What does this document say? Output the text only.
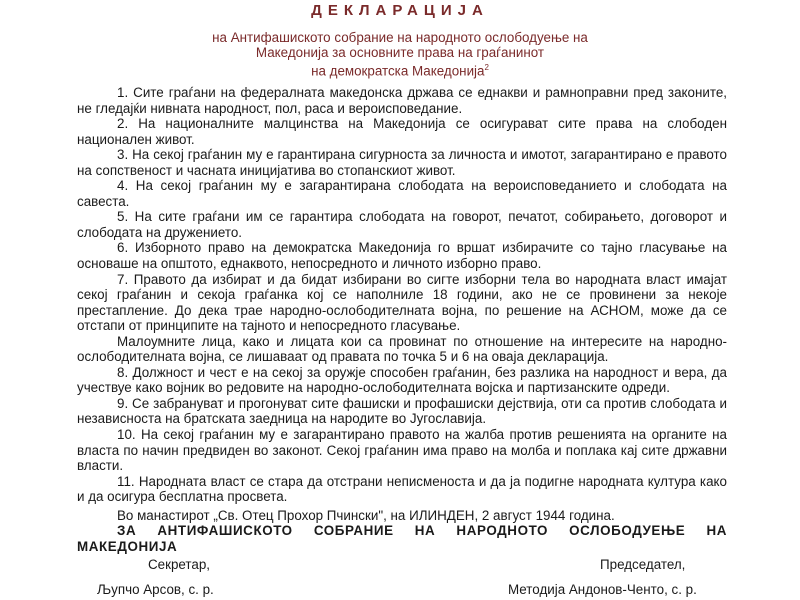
ДЕКЛАРАЦИЈА
на Антифашиското собрание на народното ослободуење на
Македонија за основните права на граѓанинот
на демократска Македонија$^2$

1. Сите граѓани на федералната македонска држава се еднакви и рамноправни пред законите, не гледајќи нивната народност, пол, раса и вероисповедание.

2. На националните малцинства на Македонија се осигурават сите права на слободен национален живот.

3. На секој граѓанин му е гарантирана сигурноста за личноста и имотот, загарантирано е правото на сопственост и часната иницијатива во стопанскиот живот.

4. На секој граѓанин му е загарантирана слободата на вероисповеданието и слободата на савеста.

5. На сите граѓани им се гарантира слободата на говорот, печатот, собирањето, договорот и слободата на дружението.

6. Изборното право на демократска Македонија го вршат избирачите со тајно гласување на основаше на општото, еднаквото, непосредното и личното изборно право.

7. Правото да избират и да бидат избирани во сигте изборни тела во народната власт имајат секој граѓанин и секоја граѓанка кој се наполниле 18 години, ако не се провинени за некоје престапление. До дека трае народно-ослободителната војна, по решение на АСНОМ, може да се отстапи от принципите на тајното и непосредното гласување.

Малоумните лица, како и лицата кои са провинат по отношение на интересите на народно-ослободителната војна, се лишаваат од правата по точка 5 и 6 на оваја декларација.

8. Должност и чест е на секој за оружје способен граѓанин, без разлика на народност и вера, да учествуе како војник во редовите на народно-ослободителната војска и партизанските одреди.

9. Се забрануват и прогонуват сите фашиски и профашиски дејствија, оти са против слободата и независноста на братската заедница на народите во Југославија.

10. На секој граѓанин му е загарантирано правото на жалба против решенията на органите на власта по начин предвиден во законот. Секој граѓанин има право на молба и поплака кај сите државни власти.

11. Народната власт се стара да отстрани неписменоста и да ја подигне народната култура како и да осигура бесплатна просвета.

Во манастирот „Св. Отец Прохор Пчински", на ИЛИНДЕН, 2 август 1944 година.

ЗА АНТИФАШИСКОТО СОБРАНИЕ НА НАРОДНОТО ОСЛОБОДУЕЊЕ НА МАКЕДОНИЈА

Секретар,	Председател,
Љупчо Арсов, с. р.	Методија Андонов-Ченто, с. р.
